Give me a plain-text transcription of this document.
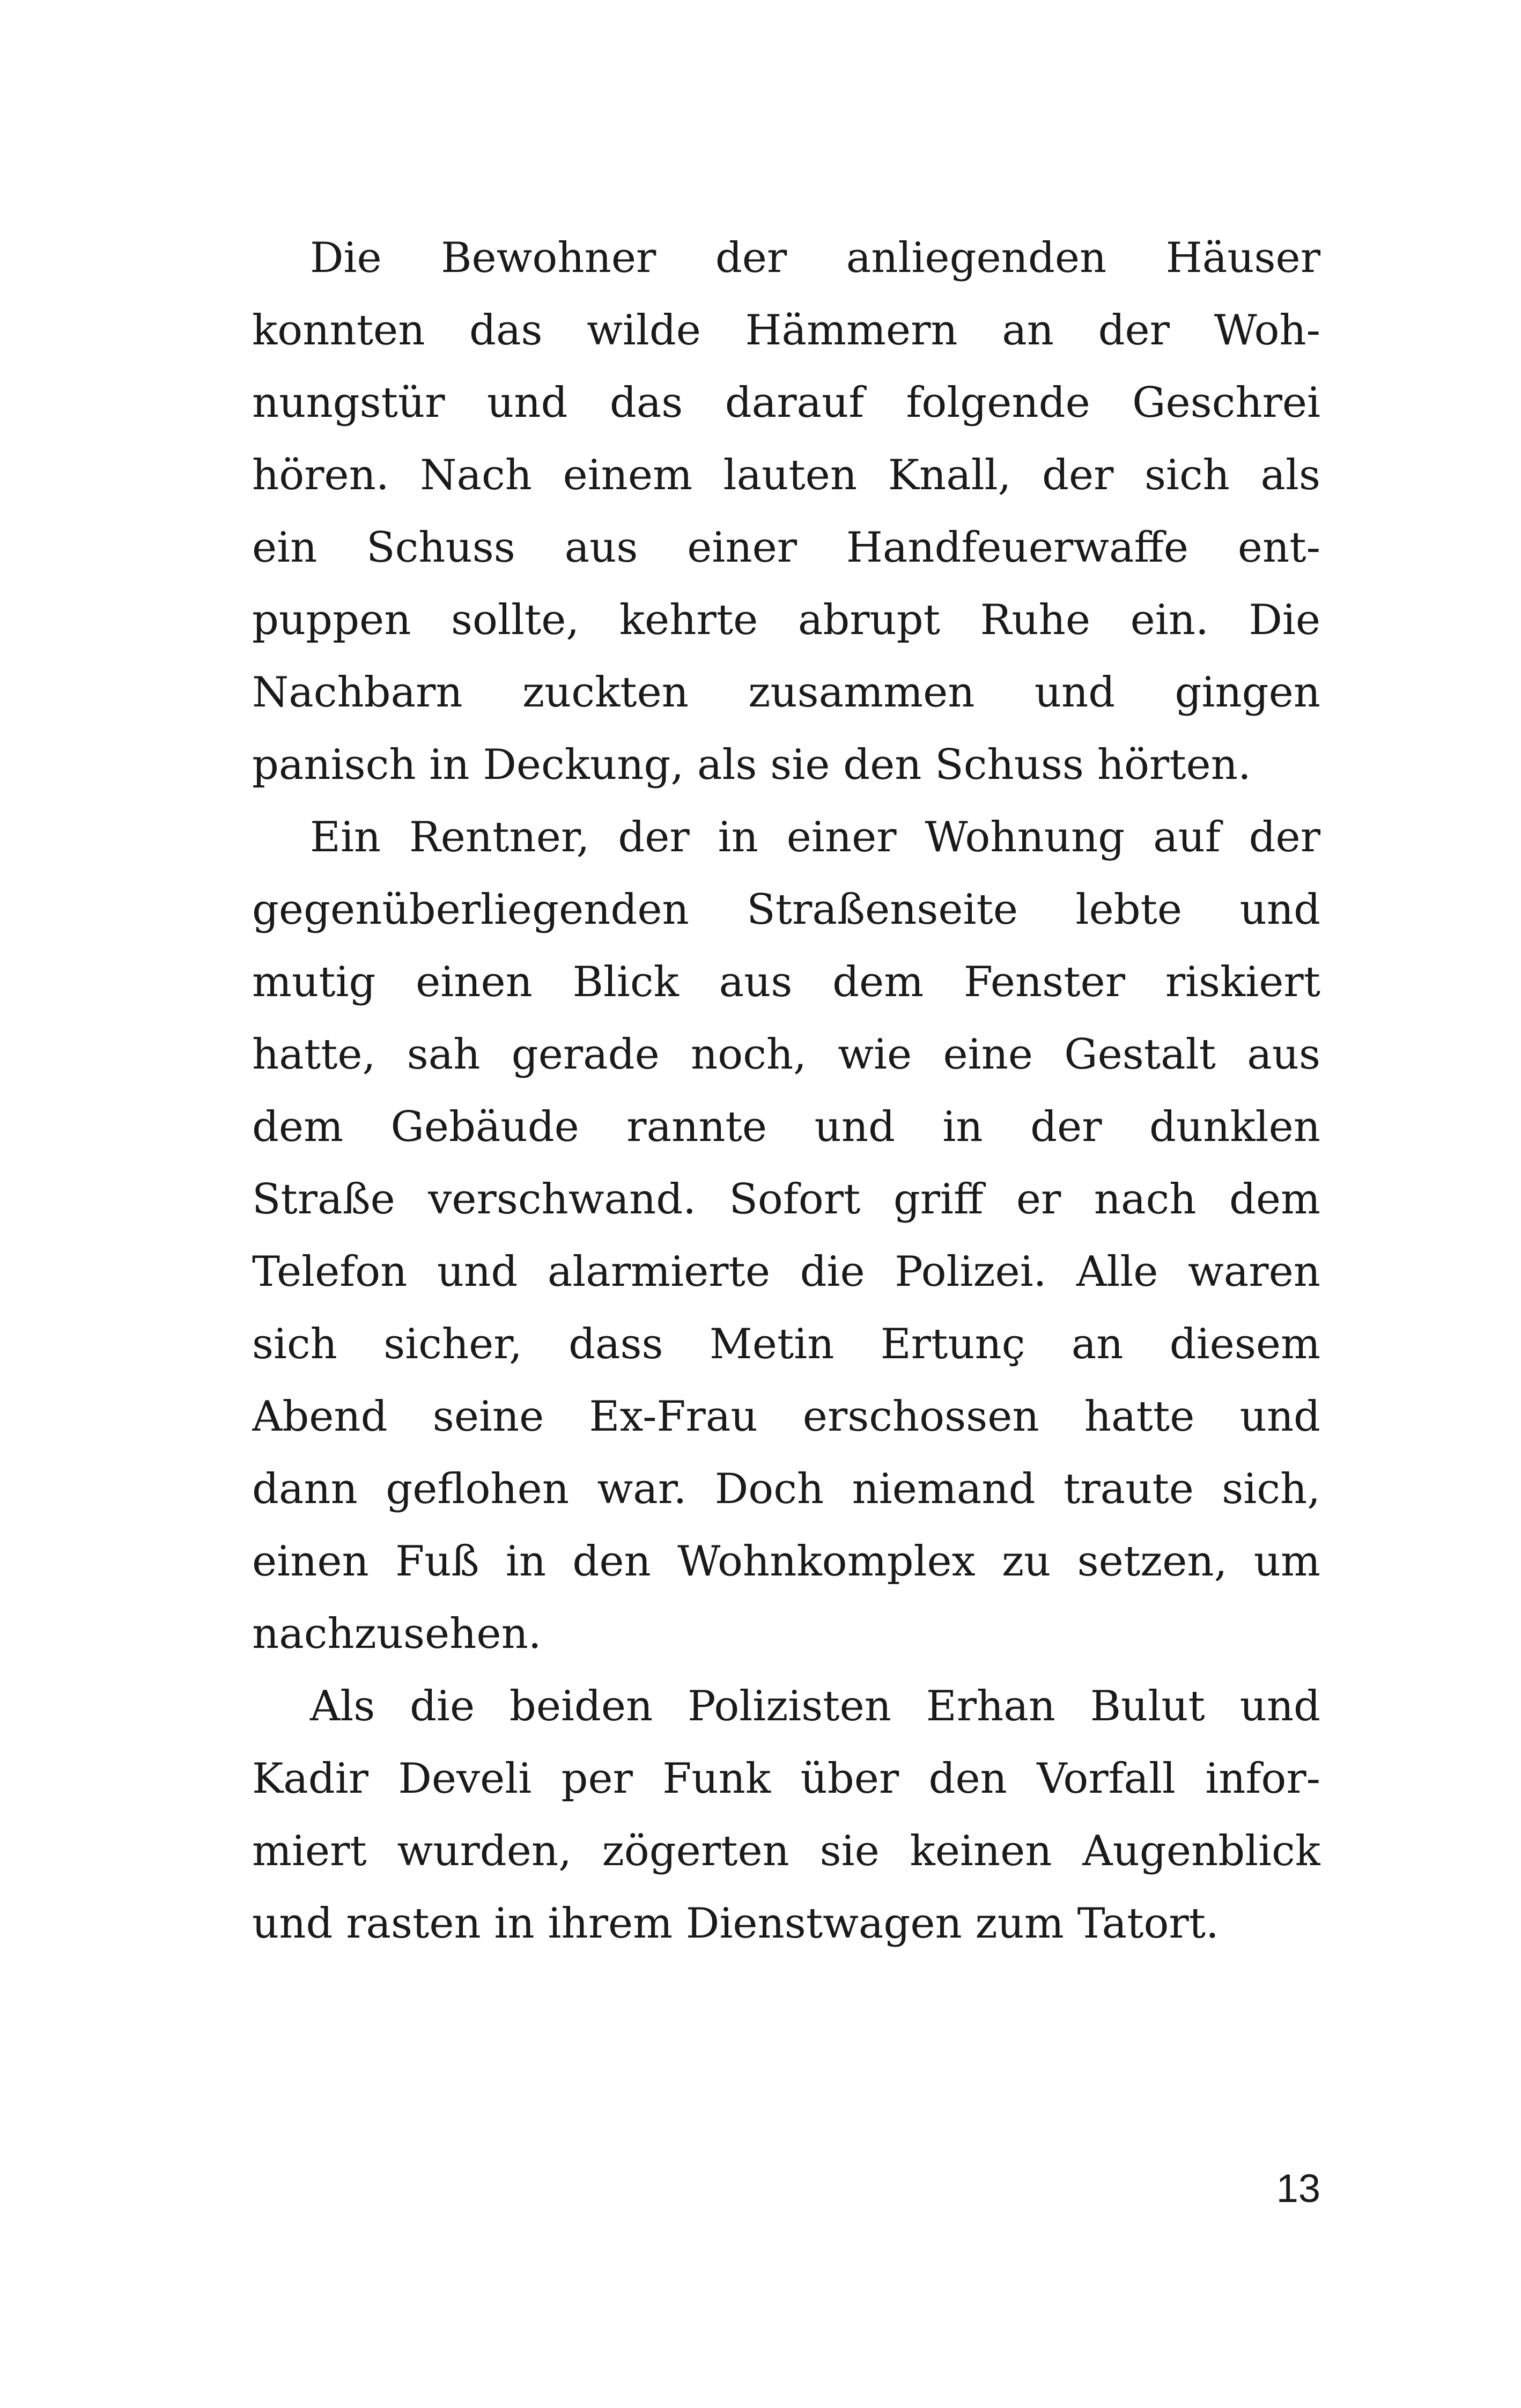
Die Bewohner der anliegenden Häuser
konnten das wilde Hämmern an der Woh-
nungstür und das darauf folgende Geschrei
hören. Nach einem lauten Knall, der sich als
ein Schuss aus einer Handfeuerwaffe ent-
puppen sollte, kehrte abrupt Ruhe ein. Die
Nachbarn zuckten zusammen und gingen
panisch in Deckung, als sie den Schuss hörten.
Ein Rentner, der in einer Wohnung auf der
gegenüberliegenden Straßenseite lebte und
mutig einen Blick aus dem Fenster riskiert
hatte, sah gerade noch, wie eine Gestalt aus
dem Gebäude rannte und in der dunklen
Straße verschwand. Sofort griff er nach dem
Telefon und alarmierte die Polizei. Alle waren
sich sicher, dass Metin Ertunç an diesem
Abend seine Ex-Frau erschossen hatte und
dann geflohen war. Doch niemand traute sich,
einen Fuß in den Wohnkomplex zu setzen, um
nachzusehen.
Als die beiden Polizisten Erhan Bulut und
Kadir Develi per Funk über den Vorfall infor-
miert wurden, zögerten sie keinen Augenblick
und rasten in ihrem Dienstwagen zum Tatort.
13
